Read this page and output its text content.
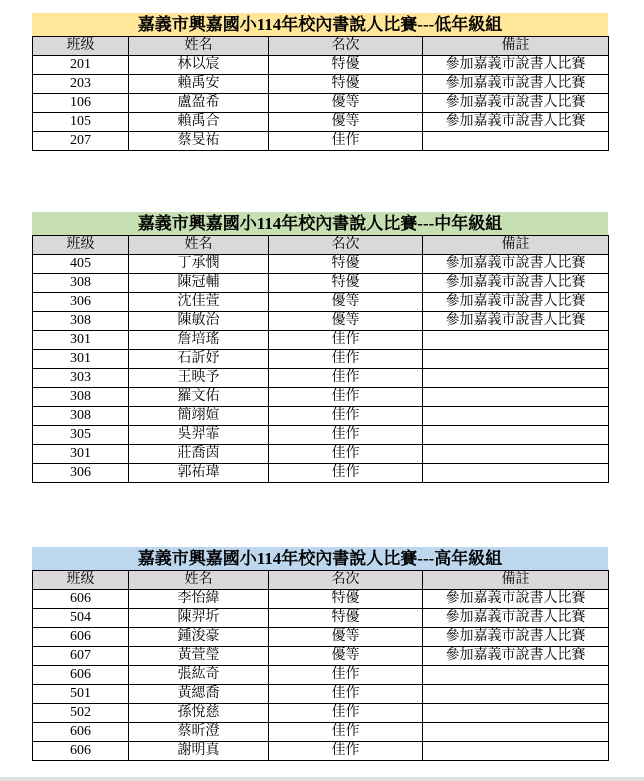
嘉義市興嘉國小114年校內書說人比賽---低年級組
班级	姓名	名次	備註
201	林以宸	特優	參加嘉義市說書人比賽
203	賴禹安	特優	參加嘉義市說書人比賽
106	盧盈希	優等	參加嘉義市說書人比賽
105	賴禹合	優等	參加嘉義市說書人比賽
207	蔡旻祐	佳作	
嘉義市興嘉國小114年校內書說人比賽---中年級組
班级	姓名	名次	備註
405	丁承憫	特優	參加嘉義市說書人比賽
308	陳冠輔	特優	參加嘉義市說書人比賽
306	沈佳萱	優等	參加嘉義市說書人比賽
308	陳敏治	優等	參加嘉義市說書人比賽
301	詹培瑤	佳作	
301	石訢妤	佳作	
303	王映予	佳作	
308	羅文佑	佳作	
308	簡翊媗	佳作	
305	吳羿霏	佳作	
301	莊喬茵	佳作	
306	郭祐瑋	佳作	
嘉義市興嘉國小114年校內書說人比賽---高年級組
班级	姓名	名次	備註
606	李怡緯	特優	參加嘉義市說書人比賽
504	陳羿圻	特優	參加嘉義市說書人比賽
606	鍾浚豪	優等	參加嘉義市說書人比賽
607	黃萱瑩	優等	參加嘉義市說書人比賽
606	張紘奇	佳作	
501	黃緦喬	佳作	
502	孫悅慈	佳作	
606	蔡昕澄	佳作	
606	謝明真	佳作	
